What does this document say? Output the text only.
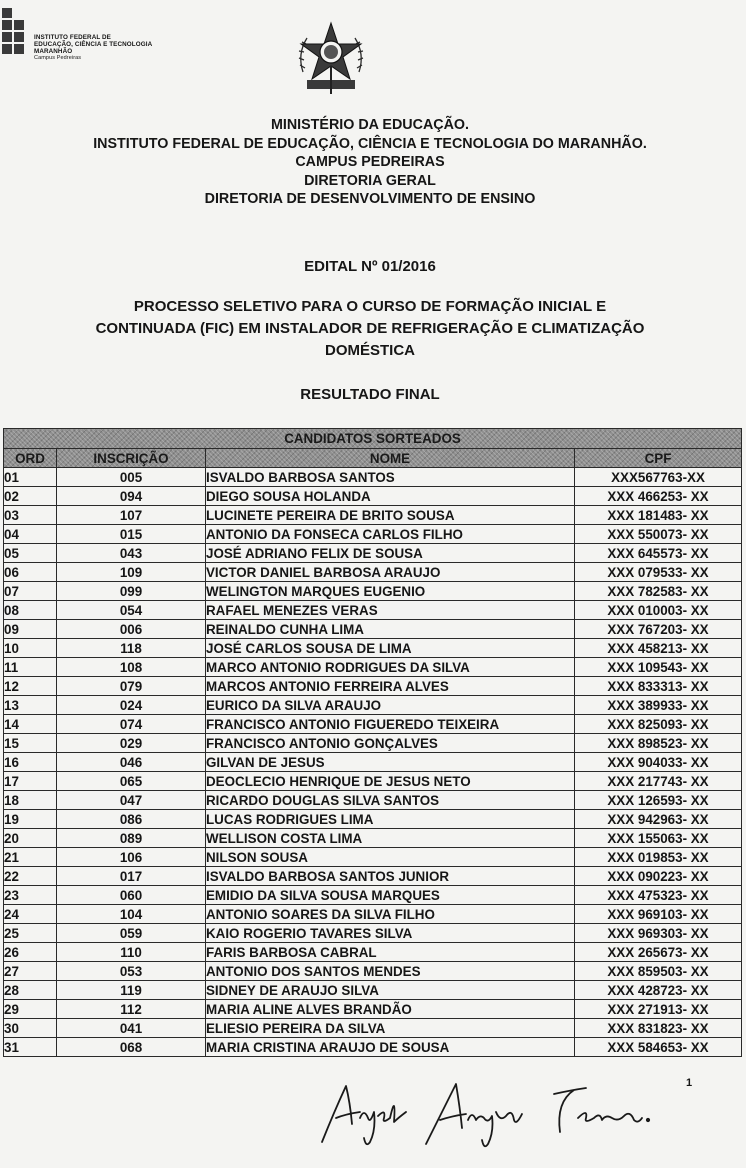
INSTITUTO FEDERAL DE
EDUCAÇÃO, CIÊNCIA E TECNOLOGIA
MARANHÃO
Campus Pedreiras
MINISTÉRIO DA EDUCAÇÃO.
INSTITUTO FEDERAL DE EDUCAÇÃO, CIÊNCIA E TECNOLOGIA DO MARANHÃO.
CAMPUS PEDREIRAS
DIRETORIA GERAL
DIRETORIA DE DESENVOLVIMENTO DE ENSINO
EDITAL Nº 01/2016
PROCESSO SELETIVO PARA O CURSO DE FORMAÇÃO INICIAL E
CONTINUADA (FIC) EM INSTALADOR DE REFRIGERAÇÃO E CLIMATIZAÇÃO
DOMÉSTICA
RESULTADO FINAL
CANDIDATOS SORTEADOS			
ORD	INSCRIÇÃO	NOME	CPF
01	005	ISVALDO BARBOSA SANTOS	XXX567763-XX
02	094	DIEGO SOUSA HOLANDA	XXX 466253- XX
03	107	LUCINETE PEREIRA DE BRITO SOUSA	XXX 181483- XX
04	015	ANTONIO DA FONSECA CARLOS FILHO	XXX 550073- XX
05	043	JOSÉ ADRIANO FELIX DE SOUSA	XXX 645573- XX
06	109	VICTOR DANIEL BARBOSA ARAUJO	XXX 079533- XX
07	099	WELINGTON MARQUES EUGENIO	XXX 782583- XX
08	054	RAFAEL MENEZES VERAS	XXX 010003- XX
09	006	REINALDO CUNHA LIMA	XXX 767203- XX
10	118	JOSÉ CARLOS SOUSA DE LIMA	XXX 458213- XX
11	108	MARCO ANTONIO RODRIGUES DA SILVA	XXX 109543- XX
12	079	MARCOS ANTONIO FERREIRA ALVES	XXX 833313- XX
13	024	EURICO DA SILVA ARAUJO	XXX 389933- XX
14	074	FRANCISCO ANTONIO FIGUEREDO TEIXEIRA	XXX 825093- XX
15	029	FRANCISCO ANTONIO GONÇALVES	XXX 898523- XX
16	046	GILVAN DE JESUS	XXX 904033- XX
17	065	DEOCLECIO HENRIQUE DE JESUS NETO	XXX 217743- XX
18	047	RICARDO DOUGLAS SILVA SANTOS	XXX 126593- XX
19	086	LUCAS RODRIGUES LIMA	XXX 942963- XX
20	089	WELLISON COSTA LIMA	XXX 155063- XX
21	106	NILSON SOUSA	XXX 019853- XX
22	017	ISVALDO BARBOSA SANTOS JUNIOR	XXX 090223- XX
23	060	EMIDIO DA SILVA SOUSA MARQUES	XXX 475323- XX
24	104	ANTONIO SOARES DA SILVA FILHO	XXX 969103- XX
25	059	KAIO ROGERIO TAVARES SILVA	XXX 969303- XX
26	110	FARIS BARBOSA CABRAL	XXX 265673- XX
27	053	ANTONIO DOS SANTOS MENDES	XXX 859503- XX
28	119	SIDNEY DE ARAUJO SILVA	XXX 428723- XX
29	112	MARIA ALINE ALVES BRANDÃO	XXX 271913- XX
30	041	ELIESIO PEREIRA DA SILVA	XXX 831823- XX
31	068	MARIA CRISTINA ARAUJO DE SOUSA	XXX 584653- XX
1
